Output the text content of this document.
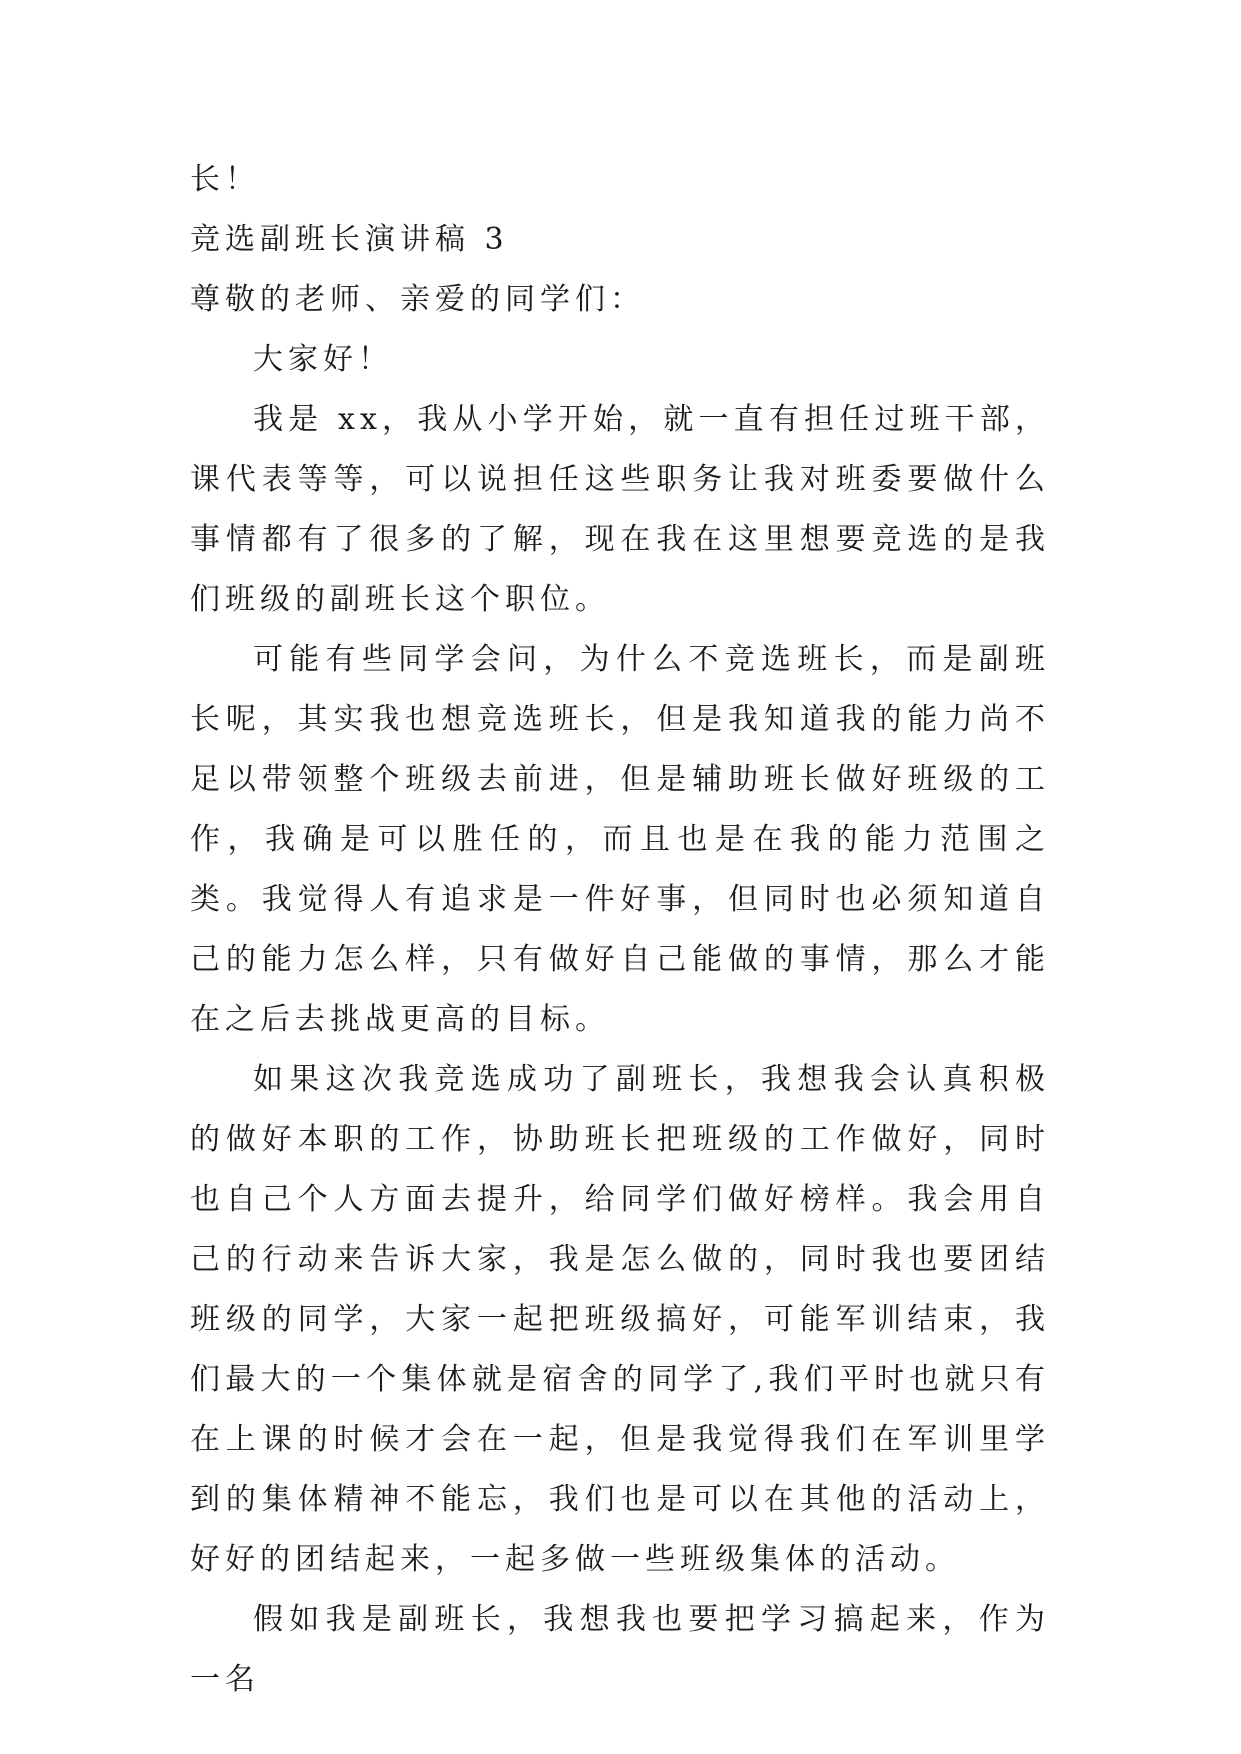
长！

竞选副班长演讲稿 3

尊敬的老师、亲爱的同学们：

大家好！

我是 xx，我从小学开始，就一直有担任过班干部，课代表等等，可以说担任这些职务让我对班委要做什么事情都有了很多的了解，现在我在这里想要竞选的是我们班级的副班长这个职位。

可能有些同学会问，为什么不竞选班长，而是副班长呢，其实我也想竞选班长，但是我知道我的能力尚不足以带领整个班级去前进，但是辅助班长做好班级的工作，我确是可以胜任的，而且也是在我的能力范围之类。我觉得人有追求是一件好事，但同时也必须知道自己的能力怎么样，只有做好自己能做的事情，那么才能在之后去挑战更高的目标。

如果这次我竞选成功了副班长，我想我会认真积极的做好本职的工作，协助班长把班级的工作做好，同时也自己个人方面去提升，给同学们做好榜样。我会用自己的行动来告诉大家，我是怎么做的，同时我也要团结班级的同学，大家一起把班级搞好，可能军训结束，我们最大的一个集体就是宿舍的同学了,我们平时也就只有在上课的时候才会在一起，但是我觉得我们在军训里学到的集体精神不能忘，我们也是可以在其他的活动上，好好的团结起来，一起多做一些班级集体的活动。

假如我是副班长，我想我也要把学习搞起来，作为一名
